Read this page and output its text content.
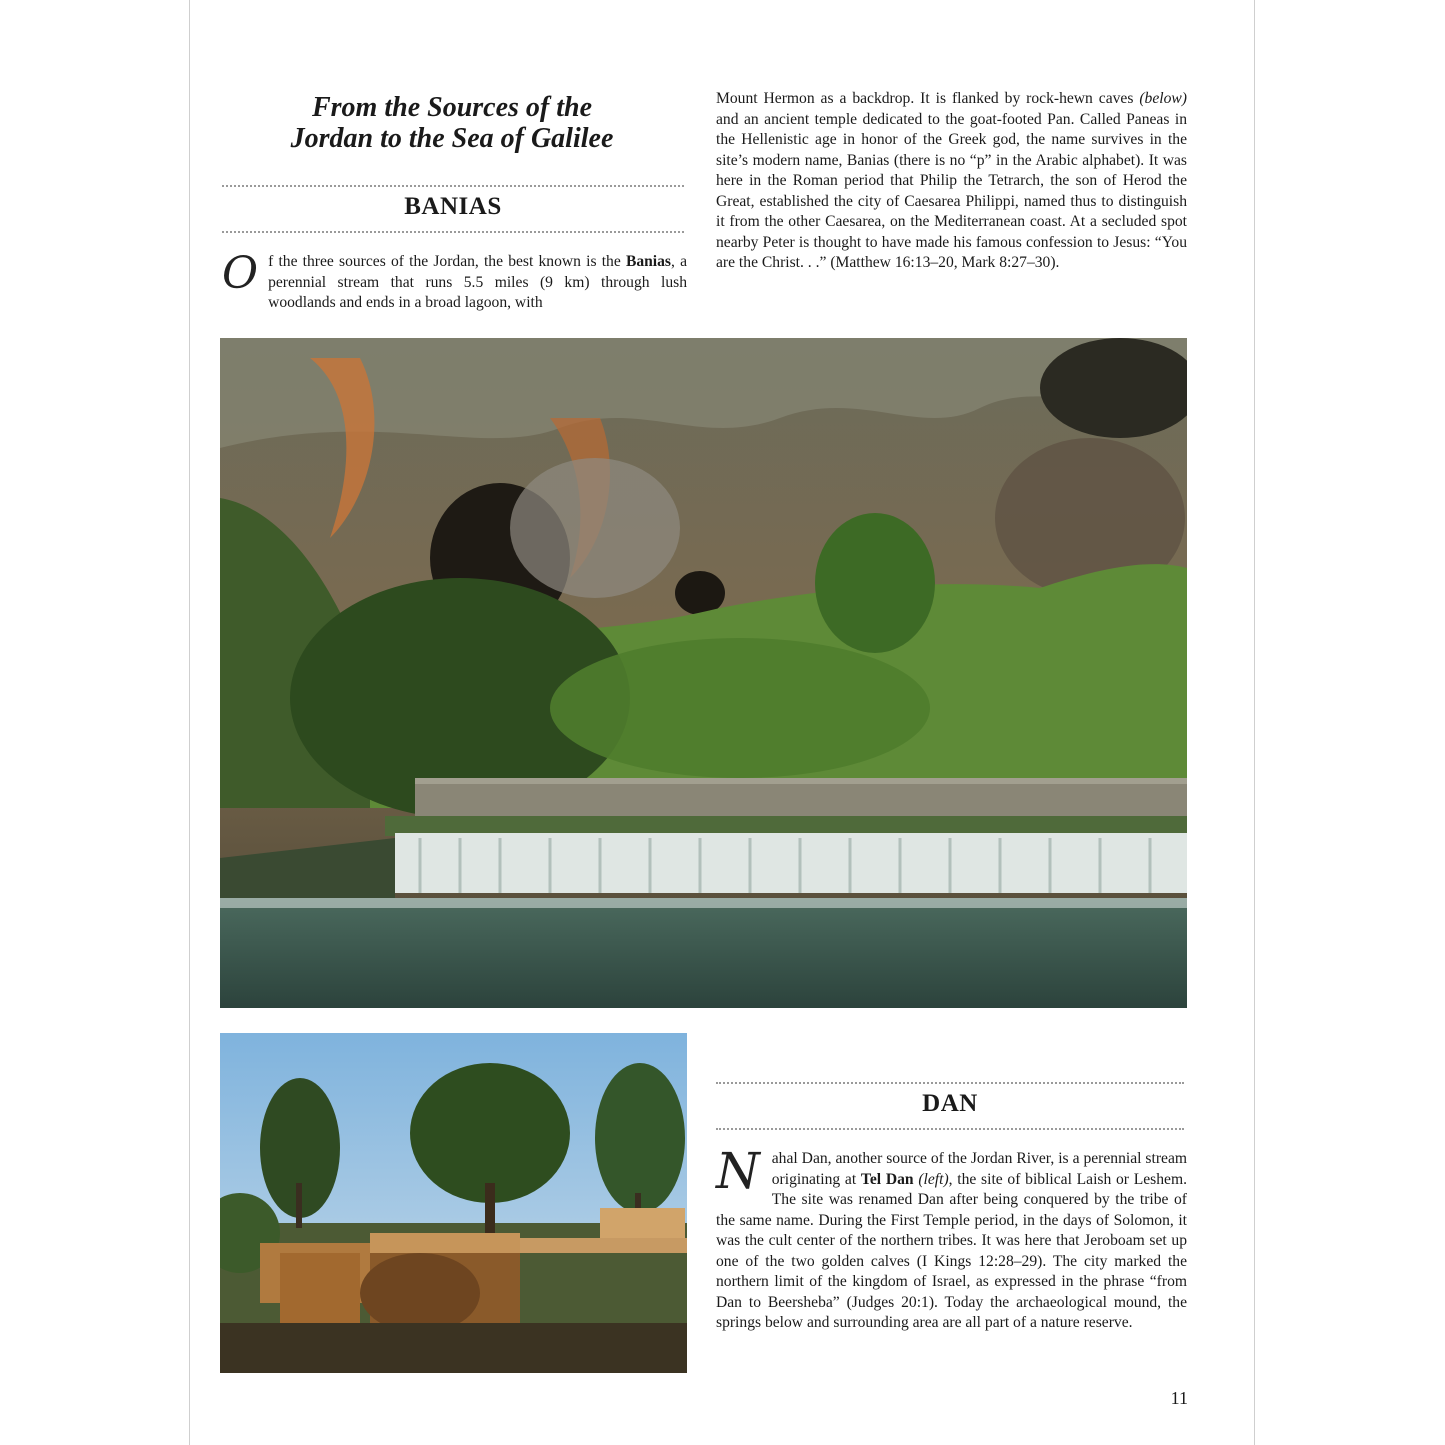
From the Sources of the
Jordan to the Sea of Galilee
BANIAS

O f the three sources of the Jordan, the best known is the Banias, a perennial stream that runs 5.5 miles (9 km) through lush woodlands and ends in a broad lagoon, with

Mount Hermon as a backdrop. It is flanked by rock-hewn caves (below) and an ancient temple dedicated to the goat-footed Pan. Called Paneas in the Hellenistic age in honor of the Greek god, the name survives in the site’s modern name, Banias (there is no “p” in the Arabic alphabet). It was here in the Roman period that Philip the Tetrarch, the son of Herod the Great, established the city of Caesarea Philippi, named thus to distinguish it from the other Caesarea, on the Mediterranean coast. At a secluded spot nearby Peter is thought to have made his famous confession to Jesus: “You are the Christ. . .” (Matthew 16:13–20, Mark 8:27–30).

DAN

N ahal Dan, another source of the Jordan River, is a perennial stream originating at Tel Dan (left), the site of biblical Laish or Leshem. The site was renamed Dan after being conquered by the tribe of the same name. During the First Temple period, in the days of Solomon, it was the cult center of the northern tribes. It was here that Jeroboam set up one of the two golden calves (I Kings 12:28–29). The city marked the northern limit of the kingdom of Israel, as expressed in the phrase “from Dan to Beersheba” (Judges 20:1). Today the archaeological mound, the springs below and surrounding area are all part of a nature reserve.

11
